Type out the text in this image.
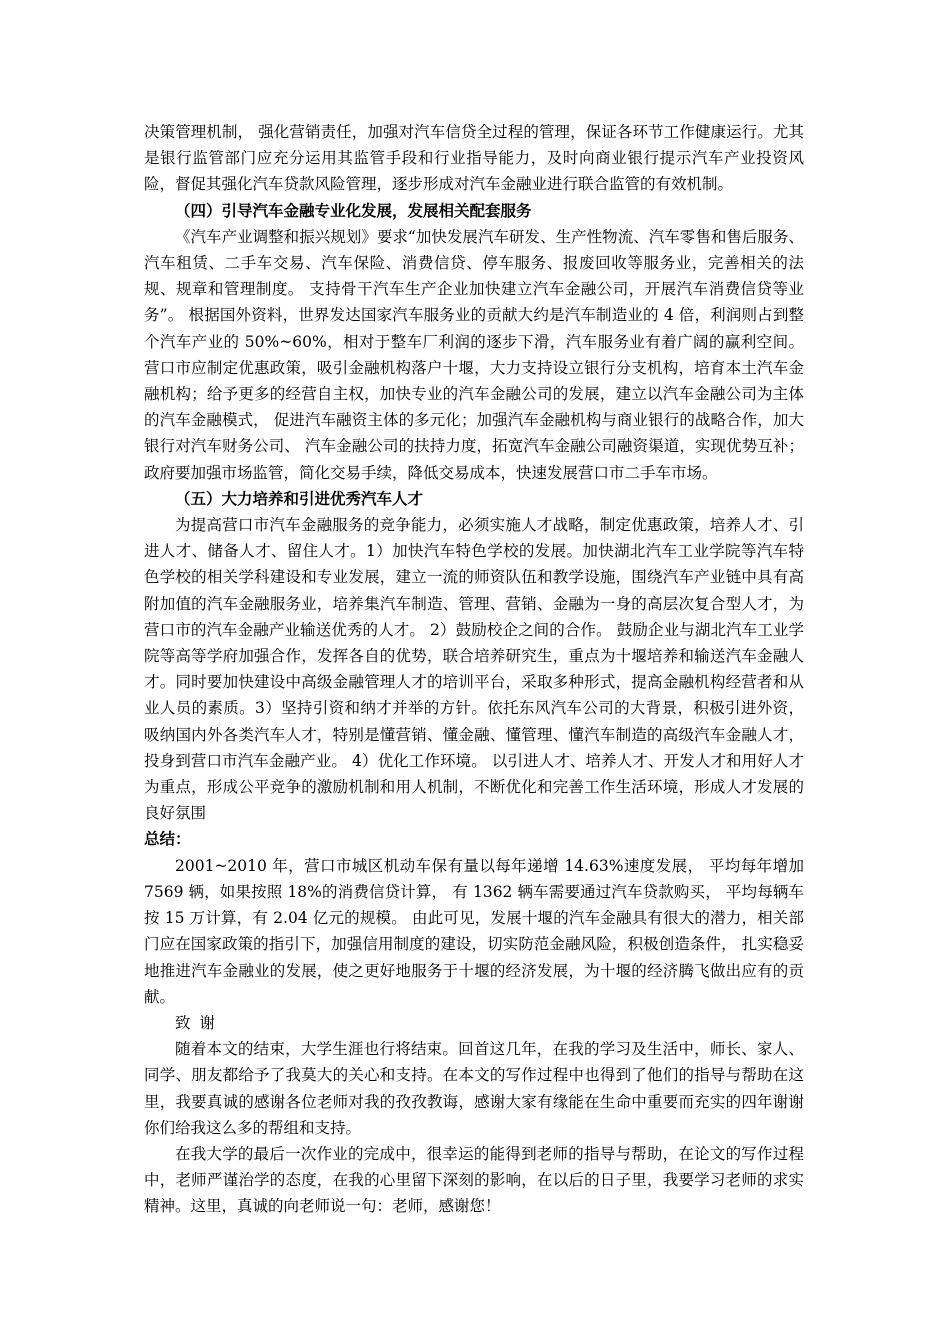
决策管理机制， 强化营销责任，加强对汽车信贷全过程的管理，保证各环节工作健康运行。尤其是银行监管部门应充分运用其监管手段和行业指导能力，及时向商业银行提示汽车产业投资风险，督促其强化汽车贷款风险管理，逐步形成对汽车金融业进行联合监管的有效机制。

（四）引导汽车金融专业化发展，发展相关配套服务

《汽车产业调整和振兴规划》要求“加快发展汽车研发、生产性物流、汽车零售和售后服务、汽车租赁、二手车交易、汽车保险、消费信贷、停车服务、报废回收等服务业，完善相关的法规、规章和管理制度。 支持骨干汽车生产企业加快建立汽车金融公司，开展汽车消费信贷等业务”。 根据国外资料，世界发达国家汽车服务业的贡献大约是汽车制造业的 4 倍，利润则占到整个汽车产业的 50%~60%，相对于整车厂利润的逐步下滑，汽车服务业有着广阔的赢利空间。 营口市应制定优惠政策，吸引金融机构落户十堰，大力支持设立银行分支机构，培育本土汽车金融机构；给予更多的经营自主权，加快专业的汽车金融公司的发展，建立以汽车金融公司为主体的汽车金融模式， 促进汽车融资主体的多元化；加强汽车金融机构与商业银行的战略合作，加大银行对汽车财务公司、 汽车金融公司的扶持力度，拓宽汽车金融公司融资渠道，实现优势互补；政府要加强市场监管，简化交易手续，降低交易成本，快速发展营口市二手车市场。

（五）大力培养和引进优秀汽车人才

为提高营口市汽车金融服务的竞争能力，必须实施人才战略，制定优惠政策，培养人才、引进人才、储备人才、留住人才。1）加快汽车特色学校的发展。加快湖北汽车工业学院等汽车特色学校的相关学科建设和专业发展，建立一流的师资队伍和教学设施，围绕汽车产业链中具有高附加值的汽车金融服务业，培养集汽车制造、管理、营销、金融为一身的高层次复合型人才，为营口市的汽车金融产业输送优秀的人才。 2）鼓励校企之间的合作。 鼓励企业与湖北汽车工业学院等高等学府加强合作，发挥各自的优势，联合培养研究生，重点为十堰培养和输送汽车金融人才。同时要加快建设中高级金融管理人才的培训平台，采取多种形式，提高金融机构经营者和从业人员的素质。3）坚持引资和纳才并举的方针。依托东风汽车公司的大背景，积极引进外资，吸纳国内外各类汽车人才，特别是懂营销、懂金融、懂管理、懂汽车制造的高级汽车金融人才，投身到营口市汽车金融产业。 4）优化工作环境。 以引进人才、培养人才、开发人才和用好人才为重点，形成公平竞争的激励机制和用人机制，不断优化和完善工作生活环境，形成人才发展的良好氛围

总结：

2001~2010 年，营口市城区机动车保有量以每年递增 14.63%速度发展， 平均每年增加 7569 辆，如果按照 18%的消费信贷计算， 有 1362 辆车需要通过汽车贷款购买， 平均每辆车按 15 万计算，有 2.04 亿元的规模。 由此可见，发展十堰的汽车金融具有很大的潜力，相关部门应在国家政策的指引下，加强信用制度的建设，切实防范金融风险，积极创造条件， 扎实稳妥地推进汽车金融业的发展，使之更好地服务于十堰的经济发展，为十堰的经济腾飞做出应有的贡献。

致谢

随着本文的结束，大学生涯也行将结束。回首这几年，在我的学习及生活中，师长、家人、同学、朋友都给予了我莫大的关心和支持。在本文的写作过程中也得到了他们的指导与帮助在这里，我要真诚的感谢各位老师对我的孜孜教诲，感谢大家有缘能在生命中重要而充实的四年谢谢你们给我这么多的帮组和支持。

在我大学的最后一次作业的完成中，很幸运的能得到老师的指导与帮助，在论文的写作过程中，老师严谨治学的态度，在我的心里留下深刻的影响，在以后的日子里，我要学习老师的求实精神。这里，真诚的向老师说一句：老师，感谢您！
